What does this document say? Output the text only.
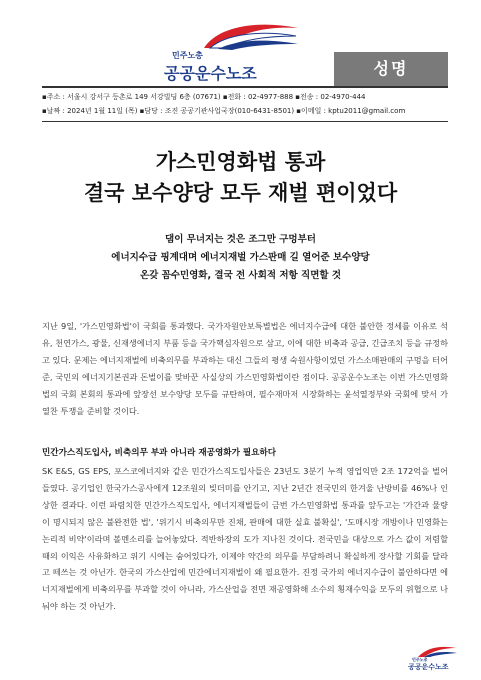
민주노총
공공운수노조	성명
▪주소 : 서울시 강서구 등촌로 149 서강빌딩 6층 (07671) ▪전화 : 02-4977-888 ▪전송 : 02-4970-444
▪날짜 : 2024년 1월 11일 (목) ▪담당 : 조진 공공기관사업국장(010-6431-8501) ▪이메일 : kptu2011@gmail.com
가스민영화법 통과
결국 보수양당 모두 재벌 편이었다
댐이 무너지는 것은 조그만 구멍부터
에너지수급 핑계대며 에너지재벌 가스판매 길 열어준 보수양당
온갖 꼼수민영화, 결국 전 사회적 저항 직면할 것

지난 9일, '가스민영화법'이 국회를 통과했다. 국가자원안보특별법은 에너지수급에 대한 불안한 정세를 이유로 석유, 천연가스, 광물, 신재생에너지 부품 등을 국가핵심자원으로 삼고, 이에 대한 비축과 공급, 긴급조치 등을 규정하고 있다. 문제는 에너지재벌에 비축의무를 부과하는 대신 그들의 평생 숙원사항이었던 가스소매판매의 구멍을 터어준, 국민의 에너지기본권과 돈벌이를 맞바꾼 사실상의 가스민영화법이란 점이다. 공공운수노조는 이번 가스민영화법의 국회 본회의 통과에 앞장선 보수양당 모두를 규탄하며, 필수재마저 시장화하는 윤석열정부와 국회에 맞서 가열찬 투쟁을 준비할 것이다.

민간가스직도입사, 비축의무 부과 아니라 재공영화가 필요하다

SK E&S, GS EPS, 포스코에너지와 같은 민간가스직도입사들은 23년도 3분기 누적 영업익만 2조 172억을 벌어들였다. 공기업인 한국가스공사에게 12조원의 빚더미를 안기고, 지난 2년간 전국민의 한겨울 난방비를 46%나 인상한 결과다. 이런 파렴치한 민간가스직도입사, 에너지재벌들이 금번 가스민영화법 통과를 앞두고는 '가간과 물량이 명시되지 않은 불완전한 법', '위기시 비축의무만 진채, 판매에 대한 실효 불확실', '도매시장 개방이나 민영화는 논리적 비약'이라며 볼멘소리를 늘어놓았다. 적반하장의 도가 지나친 것이다. 전국민을 대상으로 가스 값이 저렴할 때의 이익은 사유화하고 위기 시에는 숨어있다가, 이제야 약간의 의무를 부담하려니 확실하게 장사할 기회를 달라고 떼쓰는 것 아닌가. 한국의 가스산업에 민간에너지재벌이 왜 필요한가. 진정 국가의 에너지수급이 불안하다면 에너지재벌에게 비축의무를 부과할 것이 아니라, 가스산업을 전면 재공영화해 소수의 횡재수익을 모두의 위협으로 나눠야 하는 것 아닌가.

민주노총
공공운수노조
